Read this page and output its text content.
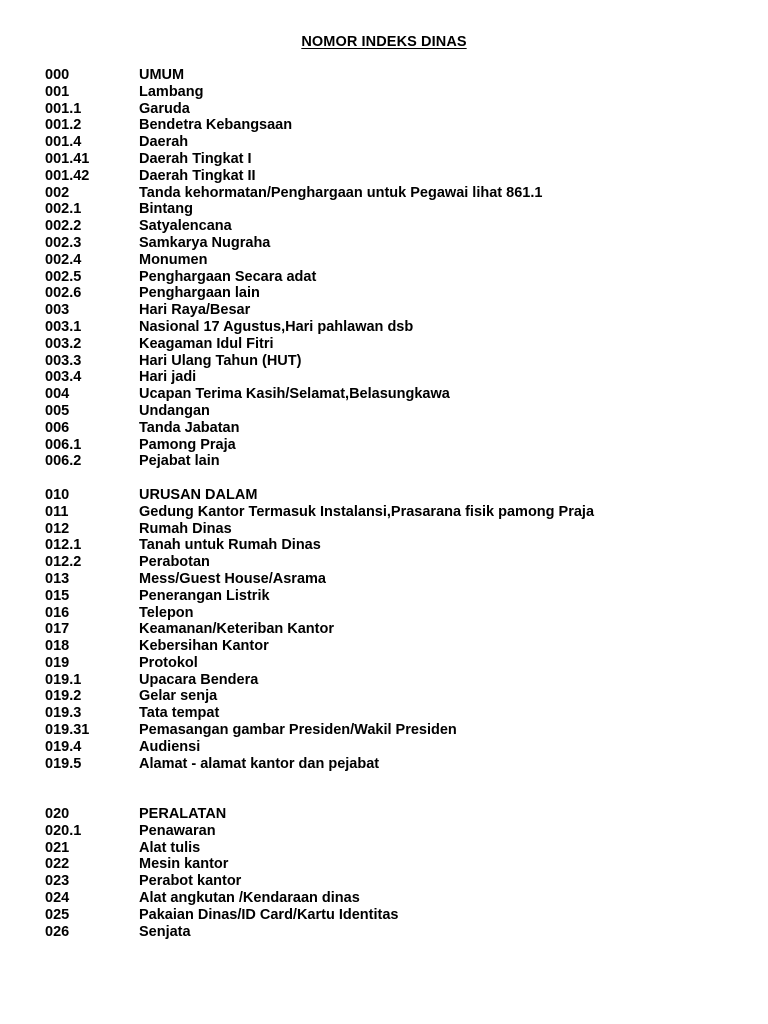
NOMOR INDEKS DINAS
000	UMUM
001	Lambang
001.1	Garuda
001.2	Bendetra Kebangsaan
001.4	Daerah
001.41	Daerah Tingkat I
001.42	Daerah Tingkat II
002	Tanda kehormatan/Penghargaan untuk Pegawai lihat 861.1
002.1	Bintang
002.2	Satyalencana
002.3	Samkarya Nugraha
002.4	Monumen
002.5	Penghargaan Secara adat
002.6	Penghargaan lain
003	Hari Raya/Besar
003.1	Nasional 17 Agustus,Hari pahlawan dsb
003.2	Keagaman Idul Fitri
003.3	Hari Ulang Tahun (HUT)
003.4	Hari jadi
004	Ucapan Terima Kasih/Selamat,Belasungkawa
005	Undangan
006	Tanda Jabatan
006.1	Pamong Praja
006.2	Pejabat lain
010	URUSAN DALAM
011	Gedung Kantor Termasuk Instalansi,Prasarana fisik pamong Praja
012	Rumah Dinas
012.1	Tanah untuk Rumah Dinas
012.2	Perabotan
013	Mess/Guest House/Asrama
015	Penerangan Listrik
016	Telepon
017	Keamanan/Keteriban Kantor
018	Kebersihan Kantor
019	Protokol
019.1	Upacara Bendera
019.2	Gelar senja
019.3	Tata tempat
019.31	Pemasangan gambar Presiden/Wakil Presiden
019.4	Audiensi
019.5	Alamat - alamat kantor dan pejabat
020	PERALATAN
020.1	Penawaran
021	Alat tulis
022	Mesin kantor
023	Perabot kantor
024	Alat angkutan /Kendaraan dinas
025	Pakaian Dinas/ID Card/Kartu Identitas
026	Senjata
